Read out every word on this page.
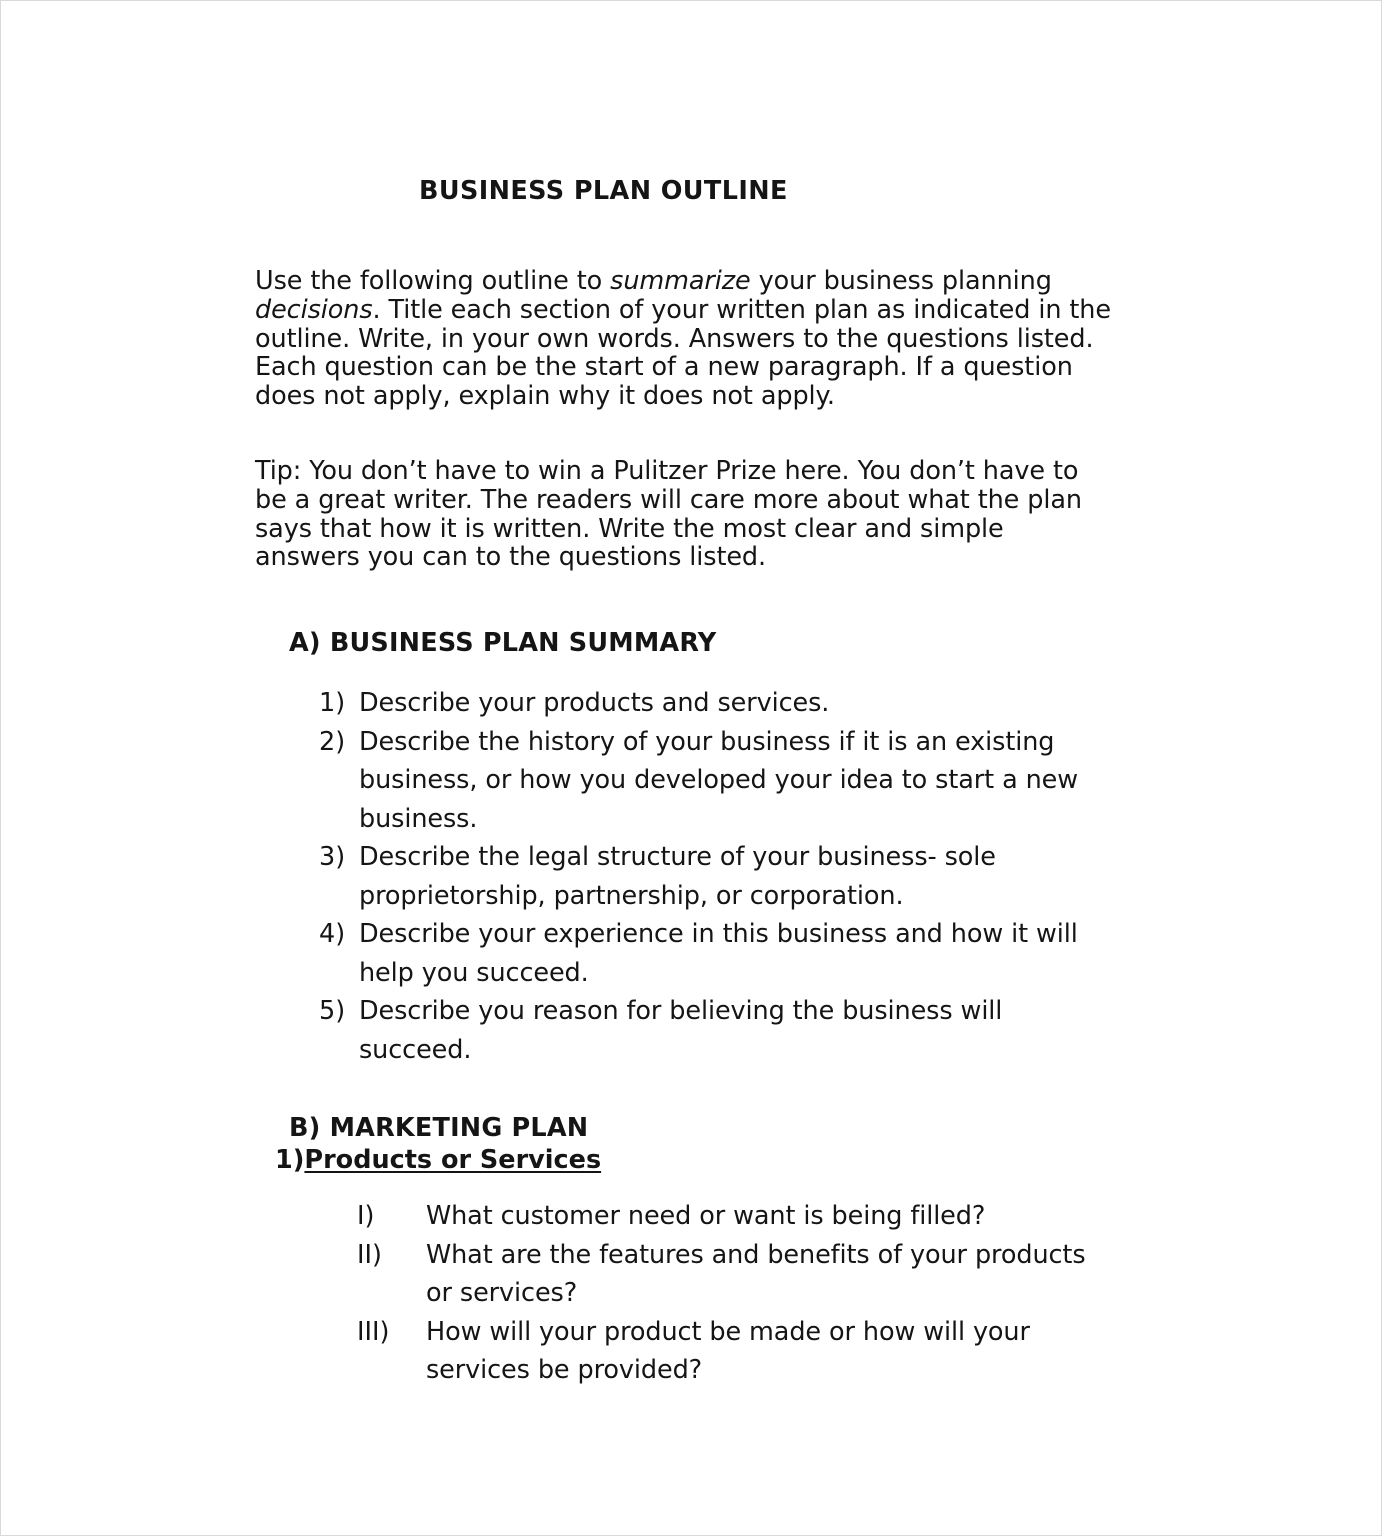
BUSINESS PLAN OUTLINE

Use the following outline to summarize your business planning decisions. Title each section of your written plan as indicated in the outline. Write, in your own words. Answers to the questions listed. Each question can be the start of a new paragraph. If a question does not apply, explain why it does not apply.

Tip: You don’t have to win a Pulitzer Prize here. You don’t have to be a great writer. The readers will care more about what the plan says that how it is written. Write the most clear and simple answers you can to the questions listed.

A) BUSINESS PLAN SUMMARY
1) Describe your products and services.
2) Describe the history of your business if it is an existing business, or how you developed your idea to start a new business.
3) Describe the legal structure of your business- sole proprietorship, partnership, or corporation.
4) Describe your experience in this business and how it will help you succeed.
5) Describe you reason for believing the business will succeed.
B) MARKETING PLAN
1)Products or Services
I)	What customer need or want is being filled?
II)	What are the features and benefits of your products or services?
III)	How will your product be made or how will your services be provided?
